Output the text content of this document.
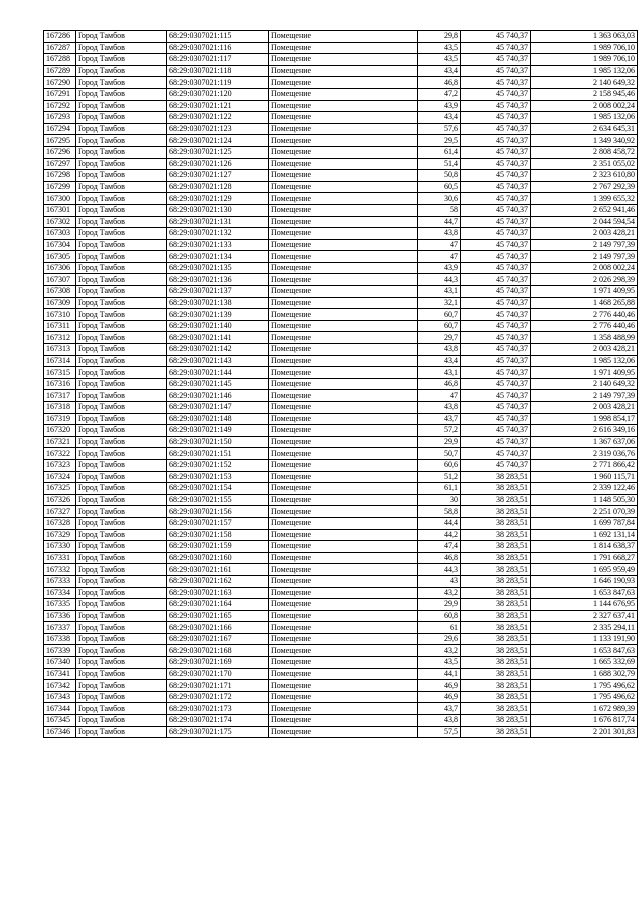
167286	Город Тамбов	68:29:0307021:115	Помещение	29,8	45 740,37	1 363 063,03
167287	Город Тамбов	68:29:0307021:116	Помещение	43,5	45 740,37	1 989 706,10
167288	Город Тамбов	68:29:0307021:117	Помещение	43,5	45 740,37	1 989 706,10
167289	Город Тамбов	68:29:0307021:118	Помещение	43,4	45 740,37	1 985 132,06
167290	Город Тамбов	68:29:0307021:119	Помещение	46,8	45 740,37	2 140 649,32
167291	Город Тамбов	68:29:0307021:120	Помещение	47,2	45 740,37	2 158 945,46
167292	Город Тамбов	68:29:0307021:121	Помещение	43,9	45 740,37	2 008 002,24
167293	Город Тамбов	68:29:0307021:122	Помещение	43,4	45 740,37	1 985 132,06
167294	Город Тамбов	68:29:0307021:123	Помещение	57,6	45 740,37	2 634 645,31
167295	Город Тамбов	68:29:0307021:124	Помещение	29,5	45 740,37	1 349 340,92
167296	Город Тамбов	68:29:0307021:125	Помещение	61,4	45 740,37	2 808 458,72
167297	Город Тамбов	68:29:0307021:126	Помещение	51,4	45 740,37	2 351 055,02
167298	Город Тамбов	68:29:0307021:127	Помещение	50,8	45 740,37	2 323 610,80
167299	Город Тамбов	68:29:0307021:128	Помещение	60,5	45 740,37	2 767 292,39
167300	Город Тамбов	68:29:0307021:129	Помещение	30,6	45 740,37	1 399 655,32
167301	Город Тамбов	68:29:0307021:130	Помещение	58	45 740,37	2 652 941,46
167302	Город Тамбов	68:29:0307021:131	Помещение	44,7	45 740,37	2 044 594,54
167303	Город Тамбов	68:29:0307021:132	Помещение	43,8	45 740,37	2 003 428,21
167304	Город Тамбов	68:29:0307021:133	Помещение	47	45 740,37	2 149 797,39
167305	Город Тамбов	68:29:0307021:134	Помещение	47	45 740,37	2 149 797,39
167306	Город Тамбов	68:29:0307021:135	Помещение	43,9	45 740,37	2 008 002,24
167307	Город Тамбов	68:29:0307021:136	Помещение	44,3	45 740,37	2 026 298,39
167308	Город Тамбов	68:29:0307021:137	Помещение	43,1	45 740,37	1 971 409,95
167309	Город Тамбов	68:29:0307021:138	Помещение	32,1	45 740,37	1 468 265,88
167310	Город Тамбов	68:29:0307021:139	Помещение	60,7	45 740,37	2 776 440,46
167311	Город Тамбов	68:29:0307021:140	Помещение	60,7	45 740,37	2 776 440,46
167312	Город Тамбов	68:29:0307021:141	Помещение	29,7	45 740,37	1 358 488,99
167313	Город Тамбов	68:29:0307021:142	Помещение	43,8	45 740,37	2 003 428,21
167314	Город Тамбов	68:29:0307021:143	Помещение	43,4	45 740,37	1 985 132,06
167315	Город Тамбов	68:29:0307021:144	Помещение	43,1	45 740,37	1 971 409,95
167316	Город Тамбов	68:29:0307021:145	Помещение	46,8	45 740,37	2 140 649,32
167317	Город Тамбов	68:29:0307021:146	Помещение	47	45 740,37	2 149 797,39
167318	Город Тамбов	68:29:0307021:147	Помещение	43,8	45 740,37	2 003 428,21
167319	Город Тамбов	68:29:0307021:148	Помещение	43,7	45 740,37	1 998 854,17
167320	Город Тамбов	68:29:0307021:149	Помещение	57,2	45 740,37	2 616 349,16
167321	Город Тамбов	68:29:0307021:150	Помещение	29,9	45 740,37	1 367 637,06
167322	Город Тамбов	68:29:0307021:151	Помещение	50,7	45 740,37	2 319 036,76
167323	Город Тамбов	68:29:0307021:152	Помещение	60,6	45 740,37	2 771 866,42
167324	Город Тамбов	68:29:0307021:153	Помещение	51,2	38 283,51	1 960 115,71
167325	Город Тамбов	68:29:0307021:154	Помещение	61,1	38 283,51	2 339 122,46
167326	Город Тамбов	68:29:0307021:155	Помещение	30	38 283,51	1 148 505,30
167327	Город Тамбов	68:29:0307021:156	Помещение	58,8	38 283,51	2 251 070,39
167328	Город Тамбов	68:29:0307021:157	Помещение	44,4	38 283,51	1 699 787,84
167329	Город Тамбов	68:29:0307021:158	Помещение	44,2	38 283,51	1 692 131,14
167330	Город Тамбов	68:29:0307021:159	Помещение	47,4	38 283,51	1 814 638,37
167331	Город Тамбов	68:29:0307021:160	Помещение	46,8	38 283,51	1 791 668,27
167332	Город Тамбов	68:29:0307021:161	Помещение	44,3	38 283,51	1 695 959,49
167333	Город Тамбов	68:29:0307021:162	Помещение	43	38 283,51	1 646 190,93
167334	Город Тамбов	68:29:0307021:163	Помещение	43,2	38 283,51	1 653 847,63
167335	Город Тамбов	68:29:0307021:164	Помещение	29,9	38 283,51	1 144 676,95
167336	Город Тамбов	68:29:0307021:165	Помещение	60,8	38 283,51	2 327 637,41
167337	Город Тамбов	68:29:0307021:166	Помещение	61	38 283,51	2 335 294,11
167338	Город Тамбов	68:29:0307021:167	Помещение	29,6	38 283,51	1 133 191,90
167339	Город Тамбов	68:29:0307021:168	Помещение	43,2	38 283,51	1 653 847,63
167340	Город Тамбов	68:29:0307021:169	Помещение	43,5	38 283,51	1 665 332,69
167341	Город Тамбов	68:29:0307021:170	Помещение	44,1	38 283,51	1 688 302,79
167342	Город Тамбов	68:29:0307021:171	Помещение	46,9	38 283,51	1 795 496,62
167343	Город Тамбов	68:29:0307021:172	Помещение	46,9	38 283,51	1 795 496,62
167344	Город Тамбов	68:29:0307021:173	Помещение	43,7	38 283,51	1 672 989,39
167345	Город Тамбов	68:29:0307021:174	Помещение	43,8	38 283,51	1 676 817,74
167346	Город Тамбов	68:29:0307021:175	Помещение	57,5	38 283,51	2 201 301,83
